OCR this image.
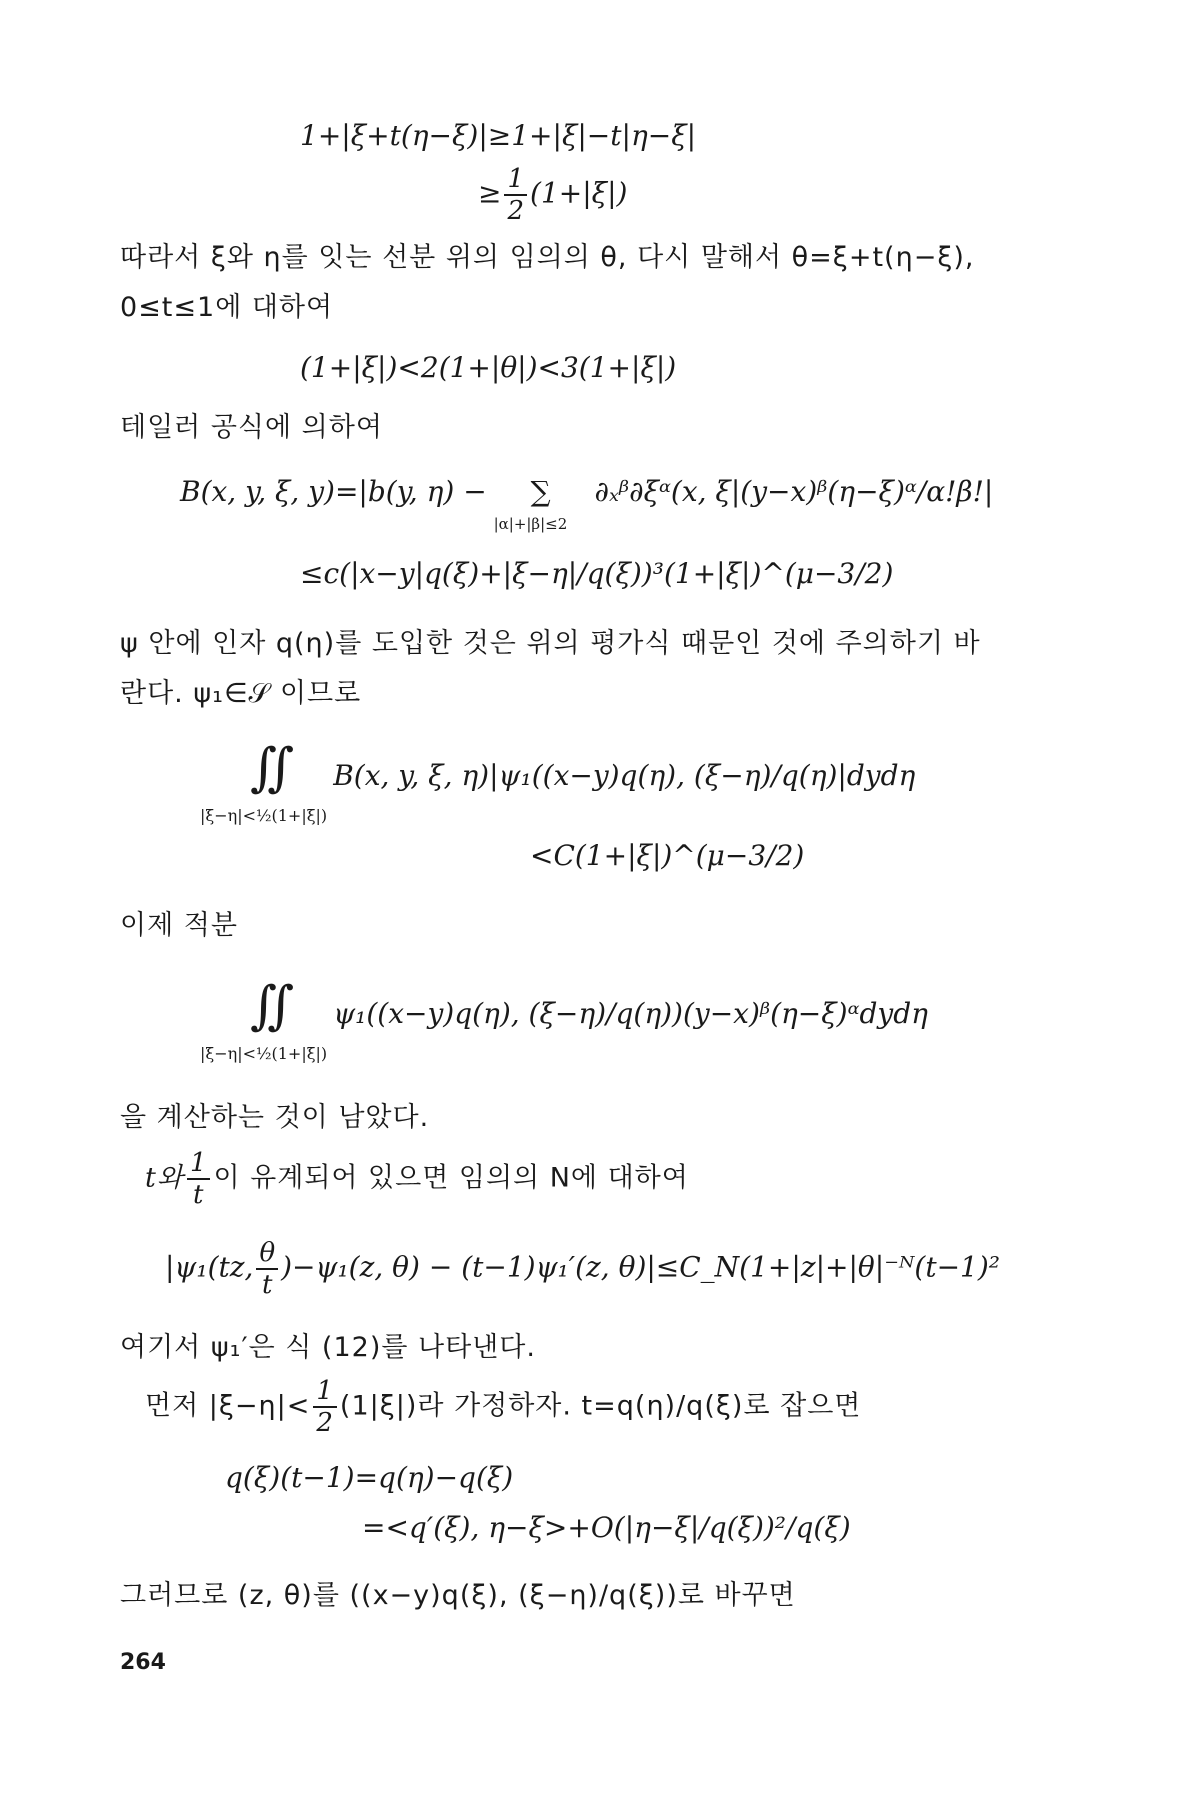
1+|ξ+t(η−ξ)|≥1+|ξ|−t|η−ξ|
≥ $\frac{1}{2} (1+|\xi|)$
따라서 ξ와 η를 잇는 선분 위의 임의의 θ, 다시 말해서 θ=ξ+t(η−ξ),
0≤t≤1에 대하여
(1+|ξ|)<2(1+|θ|)<3(1+|ξ|)
테일러 공식에 의하여
B(x, y, ξ, y)=|b(y, η) − ∑
|α|+|β|≤2
∂ₓᵝ∂ξᵅ(x, ξ|(y−x)ᵝ(η−ξ)ᵅ/α!β!|
≤c(|x−y|q(ξ)+|ξ−η|/q(ξ))³(1+|ξ|)^(μ−3/2)
ψ 안에 인자 q(η)를 도입한 것은 위의 평가식 때문인 것에 주의하기 바
란다. ψ₁∈𝒮 이므로
∬ B(x, y, ξ, η)|ψ₁((x−y)q(η), (ξ−η)/q(η)|dydη
|ξ−η|<½(1+|ξ|)
<C(1+|ξ|)^(μ−3/2)
이제 적분
∬ ψ₁((x−y)q(η), (ξ−η)/q(η))(y−x)ᵝ(η−ξ)ᵅdydη
|ξ−η|<½(1+|ξ|)
을 계산하는 것이 남았다.
t와 $\frac{1}{t}$ 이 유계되어 있으면 임의의 N에 대하여
|ψ₁(tz, $\frac{\theta}{t} )-\psi_1(z$, θ) − (t−1)ψ₁′(z, θ)|≤C_N(1+|z|+|θ|⁻ᴺ(t−1)²
여기서 ψ₁′은 식 (12)를 나타낸다.
먼저 $|\xi-\eta|< \frac{1}{2} (1|\xi|)$라 가정하자. t=q(η)/q(ξ)로 잡으면
q(ξ)(t−1)=q(η)−q(ξ)
=<q′(ξ), η−ξ>+O(|η−ξ|/q(ξ))²/q(ξ)
그러므로 (z, θ)를 ((x−y)q(ξ), (ξ−η)/q(ξ))로 바꾸면
264
